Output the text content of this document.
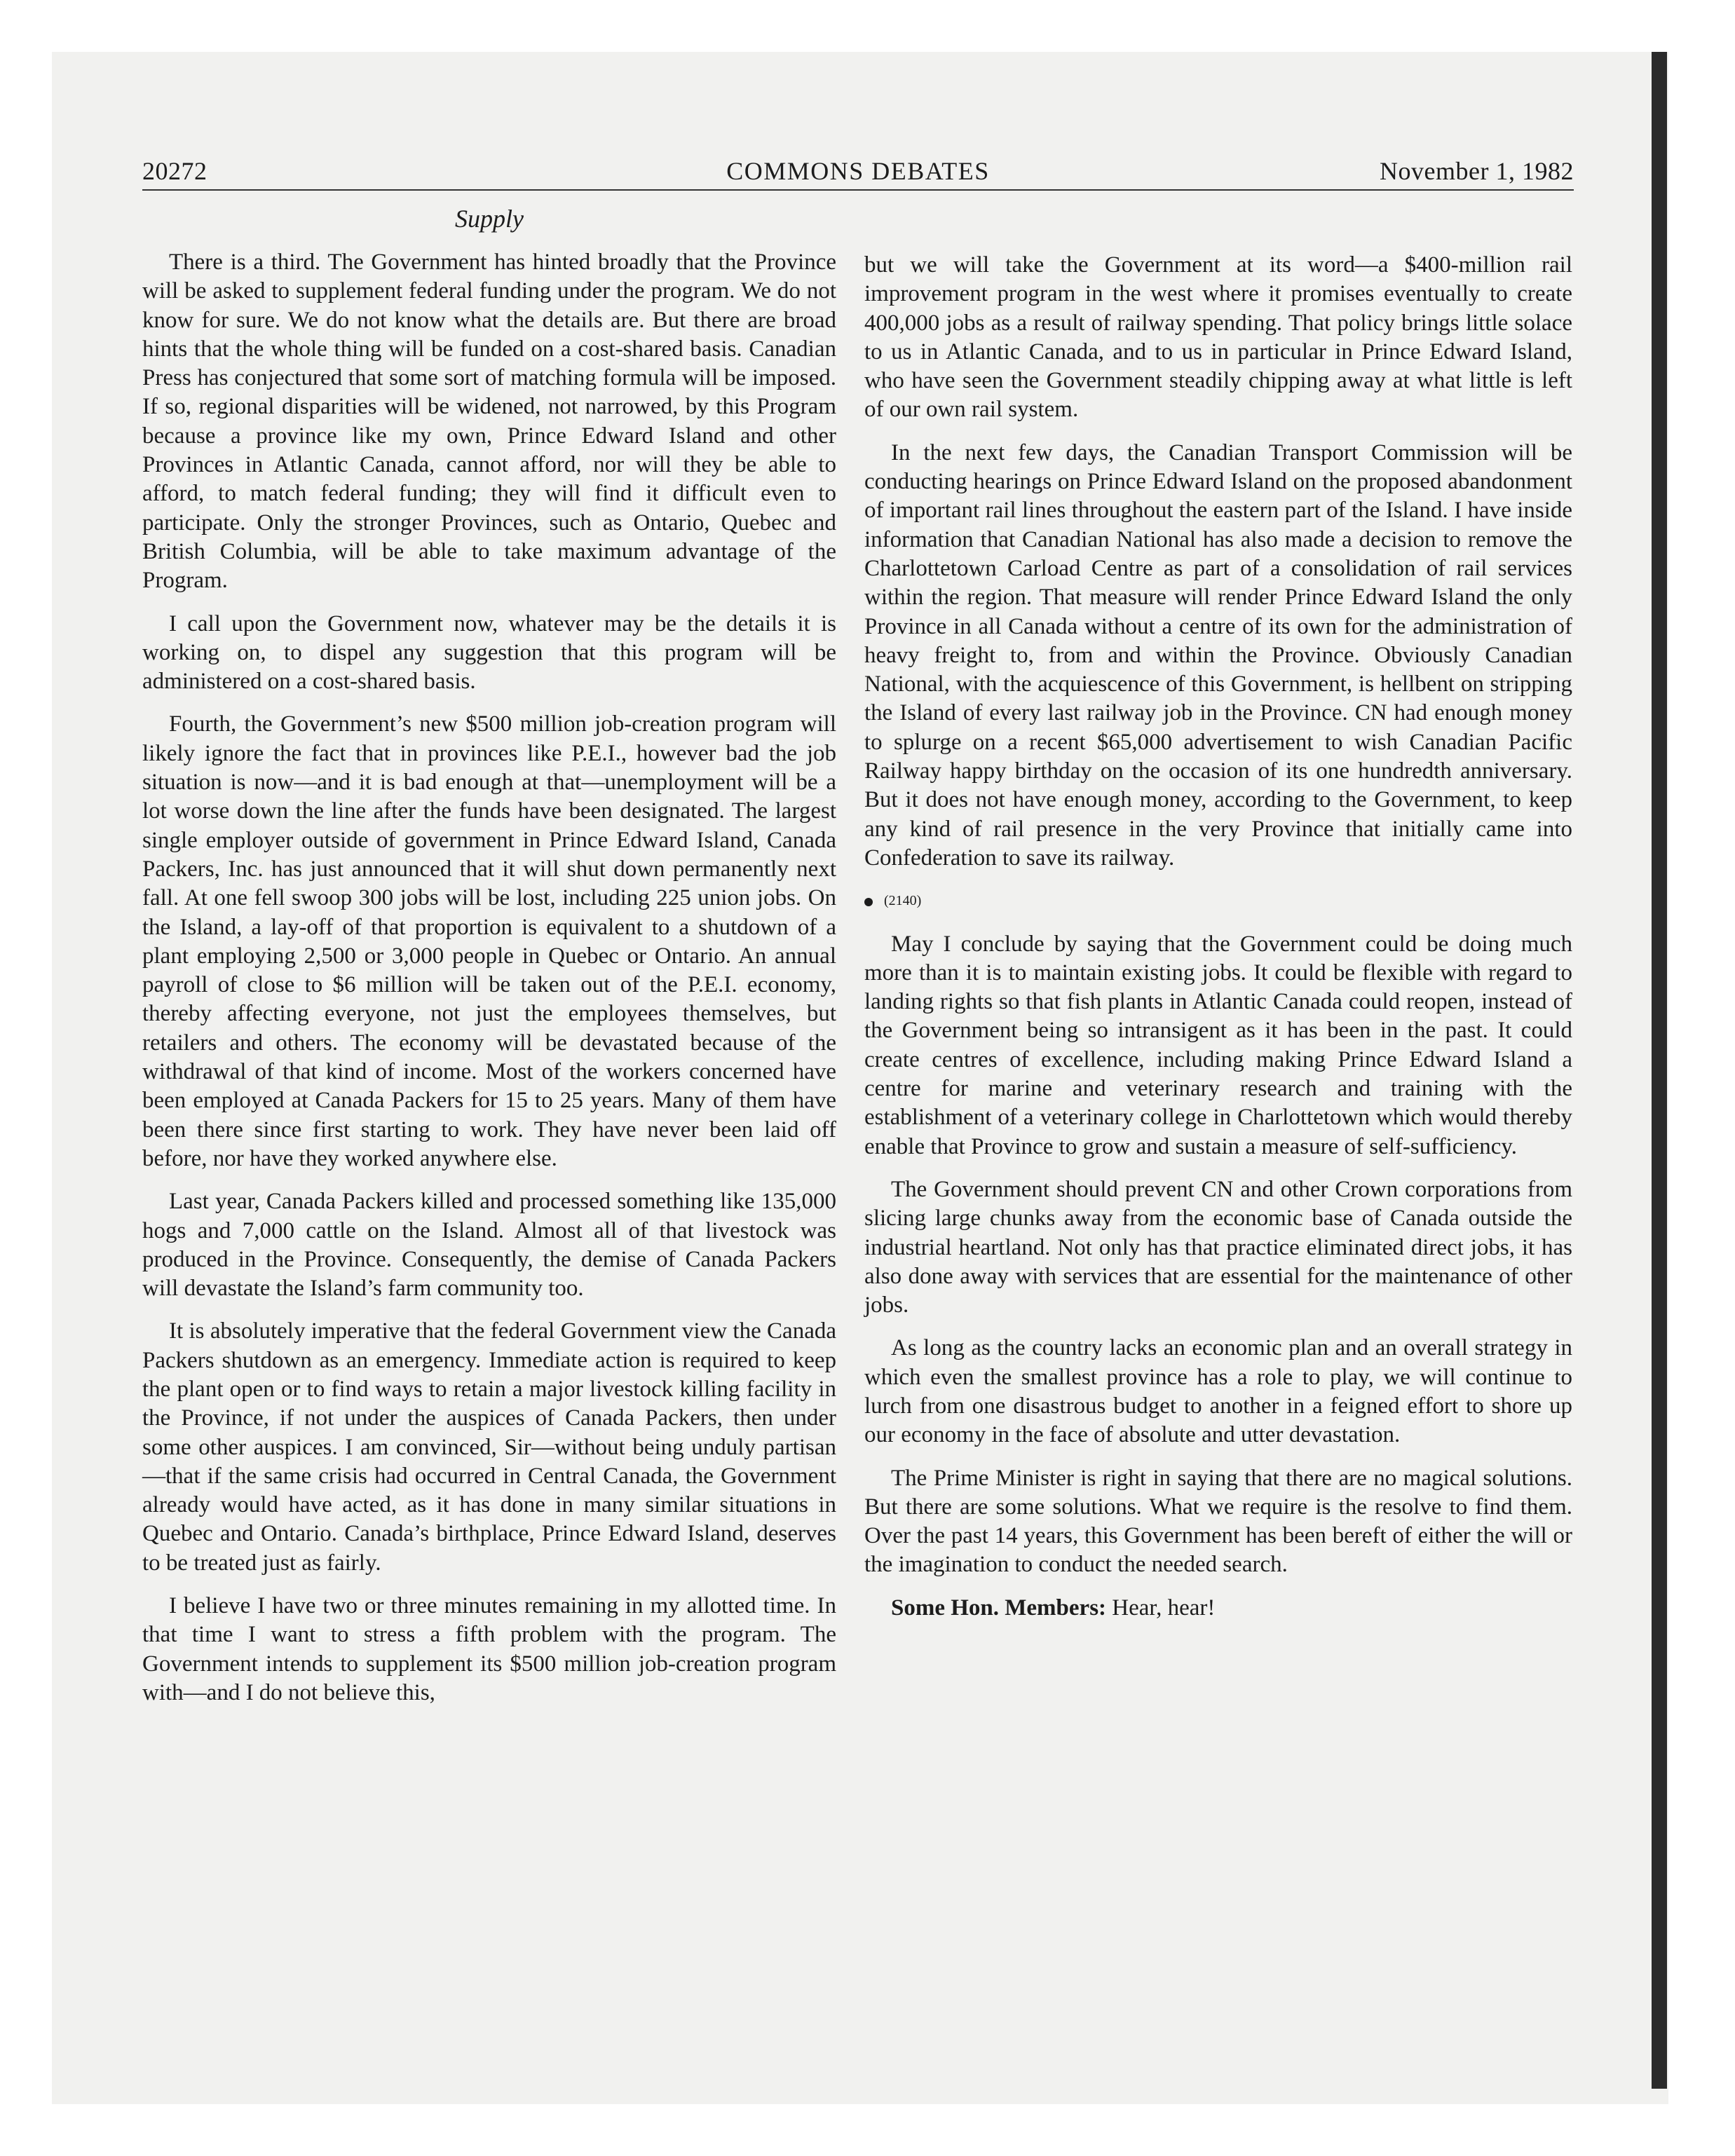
20272	COMMONS DEBATES	November 1, 1982
Supply

There is a third. The Government has hinted broadly that the Province will be asked to supplement federal funding under the program. We do not know for sure. We do not know what the details are. But there are broad hints that the whole thing will be funded on a cost-shared basis. Canadian Press has conjectured that some sort of matching formula will be imposed. If so, regional disparities will be widened, not narrowed, by this Program because a province like my own, Prince Edward Island and other Provinces in Atlantic Canada, cannot afford, nor will they be able to afford, to match federal funding; they will find it difficult even to participate. Only the stronger Provinces, such as Ontario, Quebec and British Columbia, will be able to take maximum advantage of the Program.

I call upon the Government now, whatever may be the details it is working on, to dispel any suggestion that this program will be administered on a cost-shared basis.

Fourth, the Government’s new $500 million job-creation program will likely ignore the fact that in provinces like P.E.I., however bad the job situation is now—and it is bad enough at that—unemployment will be a lot worse down the line after the funds have been designated. The largest single employer outside of government in Prince Edward Island, Canada Packers, Inc. has just announced that it will shut down permanently next fall. At one fell swoop 300 jobs will be lost, including 225 union jobs. On the Island, a lay-off of that proportion is equivalent to a shutdown of a plant employing 2,500 or 3,000 people in Quebec or Ontario. An annual payroll of close to $6 million will be taken out of the P.E.I. economy, thereby affecting everyone, not just the employees themselves, but retailers and others. The economy will be devastated because of the withdrawal of that kind of income. Most of the workers concerned have been employed at Canada Packers for 15 to 25 years. Many of them have been there since first starting to work. They have never been laid off before, nor have they worked anywhere else.

Last year, Canada Packers killed and processed something like 135,000 hogs and 7,000 cattle on the Island. Almost all of that livestock was produced in the Province. Consequently, the demise of Canada Packers will devastate the Island’s farm community too.

It is absolutely imperative that the federal Government view the Canada Packers shutdown as an emergency. Immediate action is required to keep the plant open or to find ways to retain a major livestock killing facility in the Province, if not under the auspices of Canada Packers, then under some other auspices. I am convinced, Sir—without being unduly partisan—that if the same crisis had occurred in Central Canada, the Government already would have acted, as it has done in many similar situations in Quebec and Ontario. Canada’s birthplace, Prince Edward Island, deserves to be treated just as fairly.

I believe I have two or three minutes remaining in my allotted time. In that time I want to stress a fifth problem with the program. The Government intends to supplement its $500 million job-creation program with—and I do not believe this,

but we will take the Government at its word—a $400-million rail improvement program in the west where it promises eventually to create 400,000 jobs as a result of railway spending. That policy brings little solace to us in Atlantic Canada, and to us in particular in Prince Edward Island, who have seen the Government steadily chipping away at what little is left of our own rail system.

In the next few days, the Canadian Transport Commission will be conducting hearings on Prince Edward Island on the proposed abandonment of important rail lines throughout the eastern part of the Island. I have inside information that Canadian National has also made a decision to remove the Charlottetown Carload Centre as part of a consolidation of rail services within the region. That measure will render Prince Edward Island the only Province in all Canada without a centre of its own for the administration of heavy freight to, from and within the Province. Obviously Canadian National, with the acquiescence of this Government, is hellbent on stripping the Island of every last railway job in the Province. CN had enough money to splurge on a recent $65,000 advertisement to wish Canadian Pacific Railway happy birthday on the occasion of its one hundredth anniversary. But it does not have enough money, according to the Government, to keep any kind of rail presence in the very Province that initially came into Confederation to save its railway.

(2140)

May I conclude by saying that the Government could be doing much more than it is to maintain existing jobs. It could be flexible with regard to landing rights so that fish plants in Atlantic Canada could reopen, instead of the Government being so intransigent as it has been in the past. It could create centres of excellence, including making Prince Edward Island a centre for marine and veterinary research and training with the establishment of a veterinary college in Charlottetown which would thereby enable that Province to grow and sustain a measure of self-sufficiency.

The Government should prevent CN and other Crown corporations from slicing large chunks away from the economic base of Canada outside the industrial heartland. Not only has that practice eliminated direct jobs, it has also done away with services that are essential for the maintenance of other jobs.

As long as the country lacks an economic plan and an overall strategy in which even the smallest province has a role to play, we will continue to lurch from one disastrous budget to another in a feigned effort to shore up our economy in the face of absolute and utter devastation.

The Prime Minister is right in saying that there are no magical solutions. But there are some solutions. What we require is the resolve to find them. Over the past 14 years, this Government has been bereft of either the will or the imagination to conduct the needed search.

Some Hon. Members: Hear, hear!
